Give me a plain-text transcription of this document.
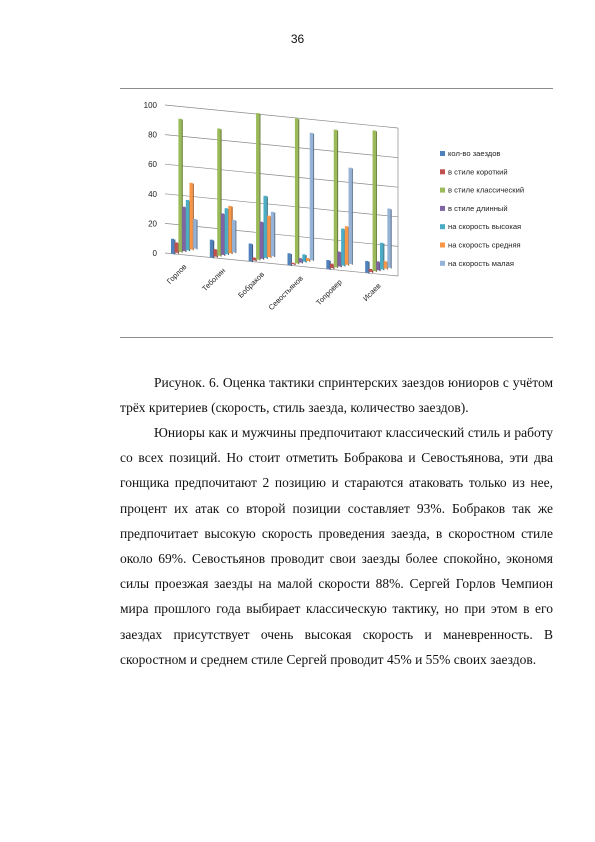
36
0
20
40
60
80
100
Горлов Теболин Бобраков Севостьянов Топровер Исаев
кол-во заездов
в стиле короткий
в стиле классический
в стиле длинный
на скорость высокая
на скорость средняя
на скорость малая

Рисунок. 6. Оценка тактики спринтерских заездов юниоров с учётом трёх критериев (скорость, стиль заезда, количество заездов).

Юниоры как и мужчины предпочитают классический стиль и работу со всех позиций. Но стоит отметить Бобракова и Севостьянова, эти два гонщика предпочитают 2 позицию и стараются атаковать только из нее, процент их атак со второй позиции составляет 93%. Бобраков так же предпочитает высокую скорость проведения заезда, в скоростном стиле около 69%. Севостьянов проводит свои заезды более спокойно, экономя силы проезжая заезды на малой скорости 88%. Сергей Горлов Чемпион мира прошлого года выбирает классическую тактику, но при этом в его заездах присутствует очень высокая скорость и маневренность. В скоростном и среднем стиле Сергей проводит 45% и 55% своих заездов.
